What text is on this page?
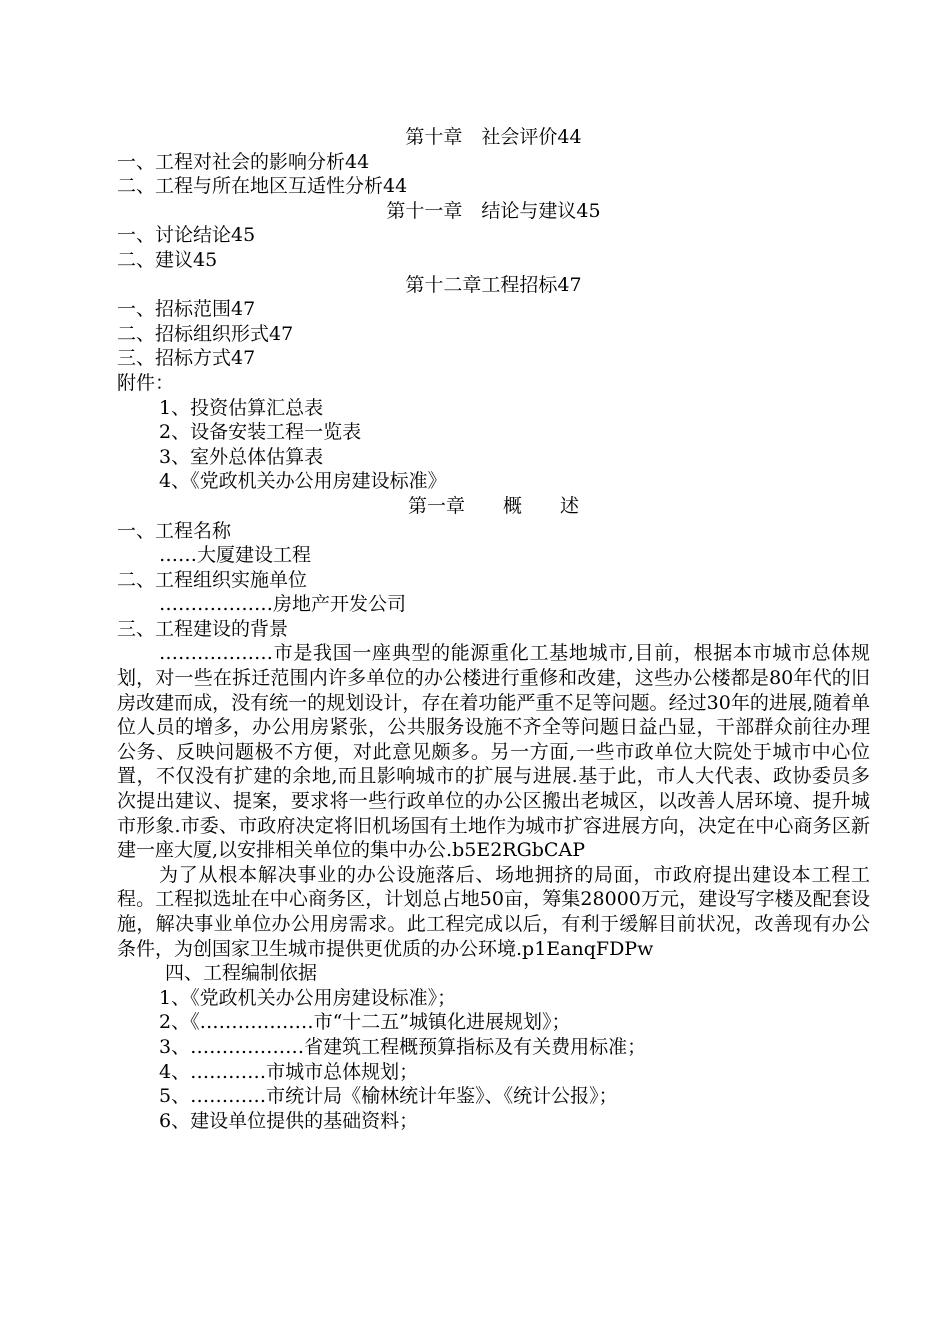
第十章　社会评价44
一、工程对社会的影响分析44
二、工程与所在地区互适性分析44
第十一章　结论与建议45
一、讨论结论45
二、建议45
第十二章工程招标47
一、招标范围47
二、招标组织形式47
三、招标方式47
附件：
1、投资估算汇总表
2、设备安装工程一览表
3、室外总体估算表
4、《党政机关办公用房建设标准》
第一章　　概　　述
一、工程名称
……大厦建设工程
二、工程组织实施单位
………………房地产开发公司
三、工程建设的背景
………………市是我国一座典型的能源重化工基地城市,目前，根据本市城市总体规划，对一些在拆迁范围内许多单位的办公楼进行重修和改建，这些办公楼都是80年代的旧房改建而成，没有统一的规划设计，存在着功能严重不足等问题。经过30年的进展,随着单位人员的增多，办公用房紧张，公共服务设施不齐全等问题日益凸显，干部群众前往办理公务、反映问题极不方便，对此意见颇多。另一方面,一些市政单位大院处于城市中心位置，不仅没有扩建的余地,而且影响城市的扩展与进展.基于此，市人大代表、政协委员多次提出建议、提案，要求将一些行政单位的办公区搬出老城区，以改善人居环境、提升城市形象.市委、市政府决定将旧机场国有土地作为城市扩容进展方向，决定在中心商务区新建一座大厦,以安排相关单位的集中办公.b5E2RGbCAP
为了从根本解决事业的办公设施落后、场地拥挤的局面，市政府提出建设本工程工程。工程拟选址在中心商务区，计划总占地50亩，筹集28000万元，建设写字楼及配套设施，解决事业单位办公用房需求。此工程完成以后，有利于缓解目前状况，改善现有办公条件，为创国家卫生城市提供更优质的办公环境.p1EanqFDPw
四、工程编制依据
1、《党政机关办公用房建设标准》；
2、《………………市“十二五”城镇化进展规划》；
3、………………省建筑工程概预算指标及有关费用标准；
4、…………市城市总体规划；
5、…………市统计局《榆林统计年鉴》、《统计公报》；
6、建设单位提供的基础资料；
